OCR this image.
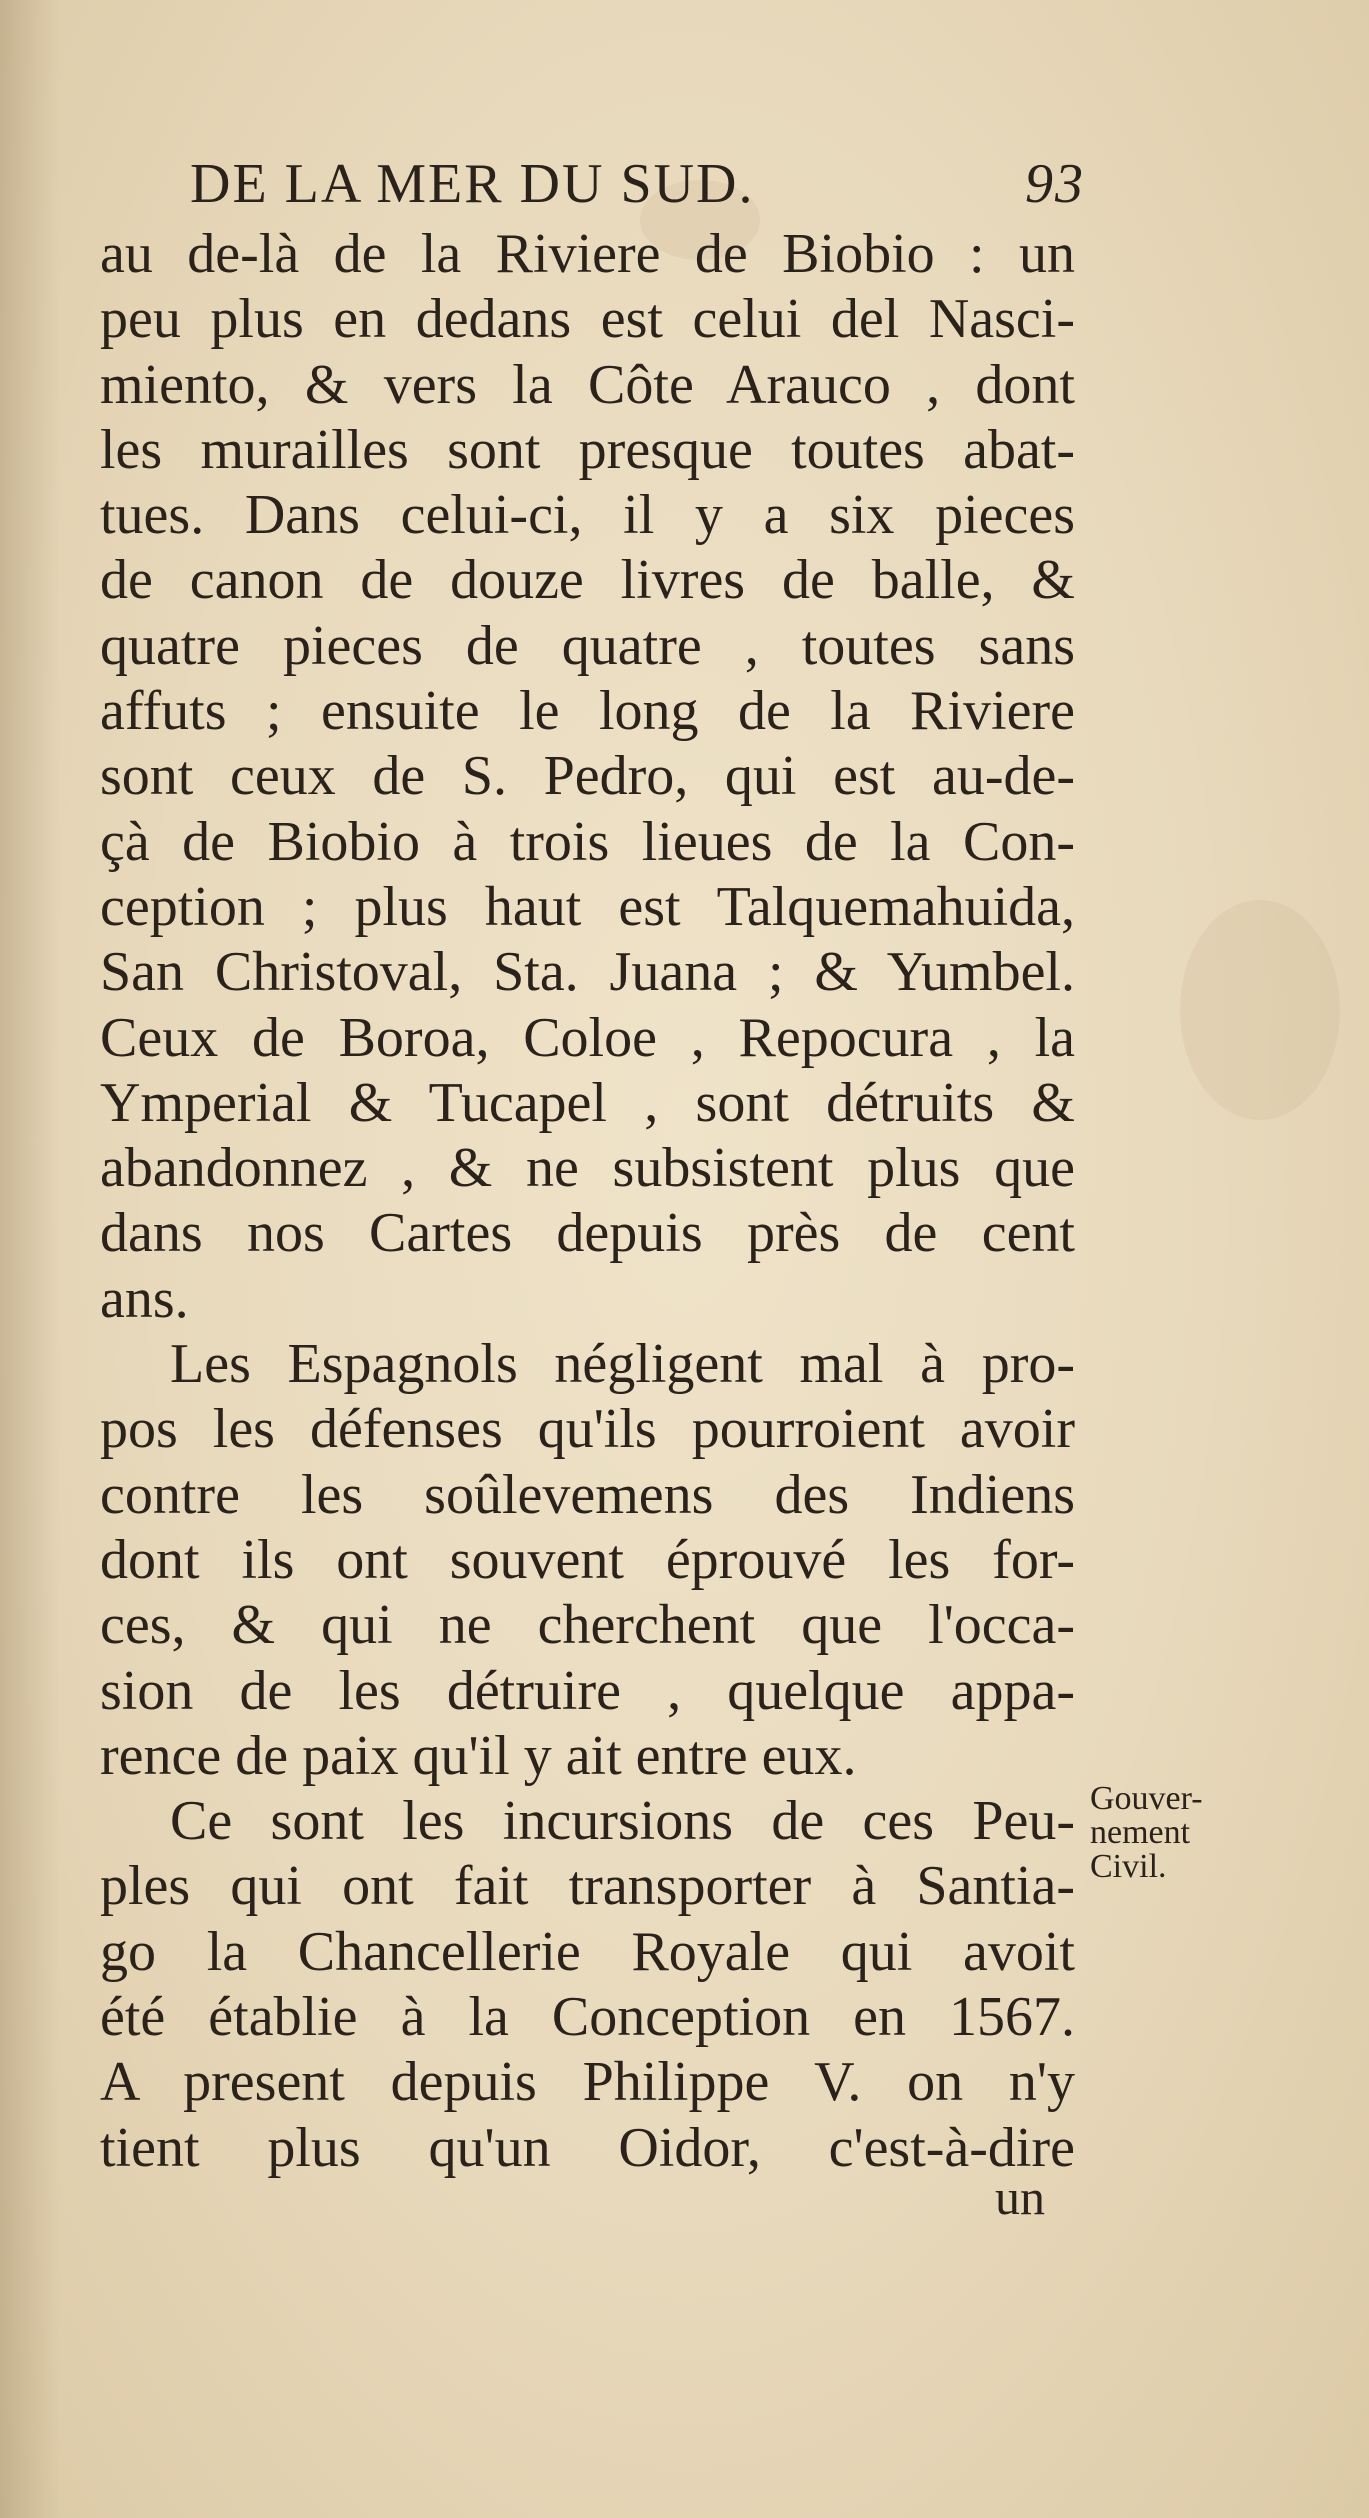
DE LA MER DU SUD.	93
au de-là de la Riviere de Biobio : un
peu plus en dedans est celui del Nasci-
miento, & vers la Côte Arauco , dont
les murailles sont presque toutes abat-
tues. Dans celui-ci, il y a six pieces
de canon de douze livres de balle, &
quatre pieces de quatre , toutes sans
affuts ; ensuite le long de la Riviere
sont ceux de S. Pedro, qui est au-de-
çà de Biobio à trois lieues de la Con-
ception ; plus haut est Talquemahuida,
San Christoval, Sta. Juana ; & Yumbel.
Ceux de Boroa, Coloe , Repocura , la
Ymperial & Tucapel , sont détruits &
abandonnez , & ne subsistent plus que
dans nos Cartes depuis près de cent
ans.
Les Espagnols négligent mal à pro-
pos les défenses qu'ils pourroient avoir
contre les soûlevemens des Indiens
dont ils ont souvent éprouvé les for-
ces, & qui ne cherchent que l'occa-
sion de les détruire , quelque appa-
rence de paix qu'il y ait entre eux.
Ce sont les incursions de ces Peu-
ples qui ont fait transporter à Santia-
go la Chancellerie Royale qui avoit
été établie à la Conception en 1567.
A present depuis Philippe V. on n'y
tient plus qu'un Oidor, c'est-à-dire
Gouver-
nement
Civil.
un
